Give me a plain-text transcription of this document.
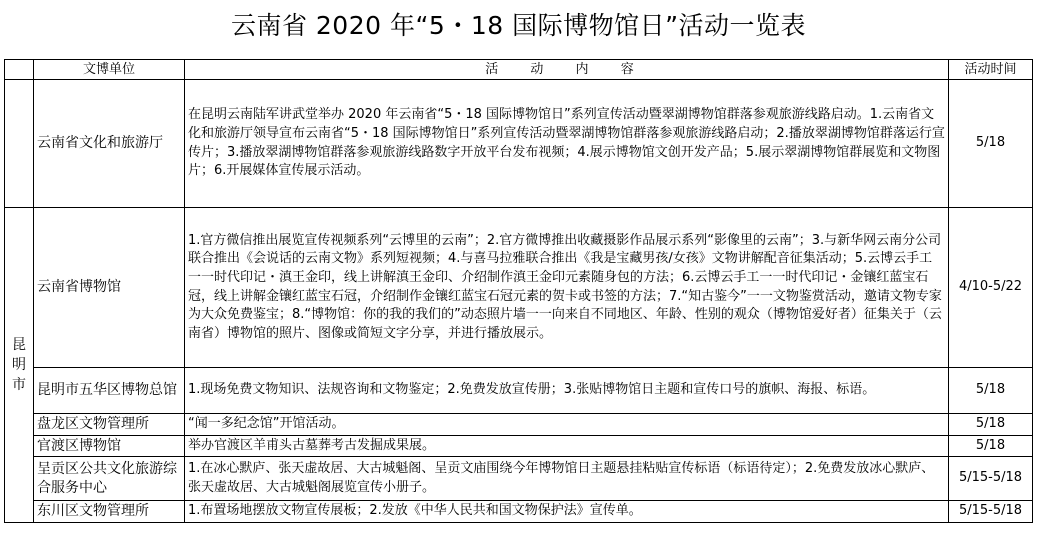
云南省 2020 年“5・18 国际博物馆日”活动一览表
	文博单位	活 动 内 容	活动时间
	云南省文化和旅游厅	在昆明云南陆军讲武堂举办 2020 年云南省“5・18 国际博物馆日”系列宣传活动暨翠湖博物馆群落参观旅游线路启动。1.云南省文化和旅游厅领导宣布云南省“5・18 国际博物馆日”系列宣传活动暨翠湖博物馆群落参观旅游线路启动；2.播放翠湖博物馆群落运行宣传片；3.播放翠湖博物馆群落参观旅游线路数字开放平台发布视频；4.展示博物馆文创开发产品；5.展示翠湖博物馆群展览和文物图片；6.开展媒体宣传展示活动。	5/18
昆明市	云南省博物馆	1.官方微信推出展览宣传视频系列“云博里的云南”；2.官方微博推出收藏摄影作品展示系列“影像里的云南”；3.与新华网云南分公司联合推出《会说话的云南文物》系列短视频；4.与喜马拉雅联合推出《我是宝藏男孩/女孩》文物讲解配音征集活动；5.云博云手工一一时代印记・滇王金印，线上讲解滇王金印、介绍制作滇王金印元素随身包的方法；6.云博云手工一一时代印记・金镶红蓝宝石冠，线上讲解金镶红蓝宝石冠，介绍制作金镶红蓝宝石冠元素的贺卡或书签的方法；7.“知古鉴今”一一文物鉴赏活动，邀请文物专家为大众免费鉴宝；8.“博物馆：你的我的我们的”动态照片墙一一向来自不同地区、年龄、性别的观众（博物馆爱好者）征集关于（云南省）博物馆的照片、图像或简短文字分享，并进行播放展示。	4/10-5/22
	昆明市五华区博物总馆	1.现场免费文物知识、法规咨询和文物鉴定；2.免费发放宣传册；3.张贴博物馆日主题和宣传口号的旗帜、海报、标语。	5/18
	盘龙区文物管理所	“闻一多纪念馆”开馆活动。	5/18
	官渡区博物馆	举办官渡区羊甫头古墓葬考古发掘成果展。	5/18
	呈贡区公共文化旅游综合服务中心	1.在冰心默庐、张天虚故居、大古城魁阁、呈贡文庙围绕今年博物馆日主题悬挂粘贴宣传标语（标语待定）；2.免费发放冰心默庐、张天虚故居、大古城魁阁展览宣传小册子。	5/15-5/18
	东川区文物管理所	1.布置场地摆放文物宣传展板；2.发放《中华人民共和国文物保护法》宣传单。	5/15-5/18
